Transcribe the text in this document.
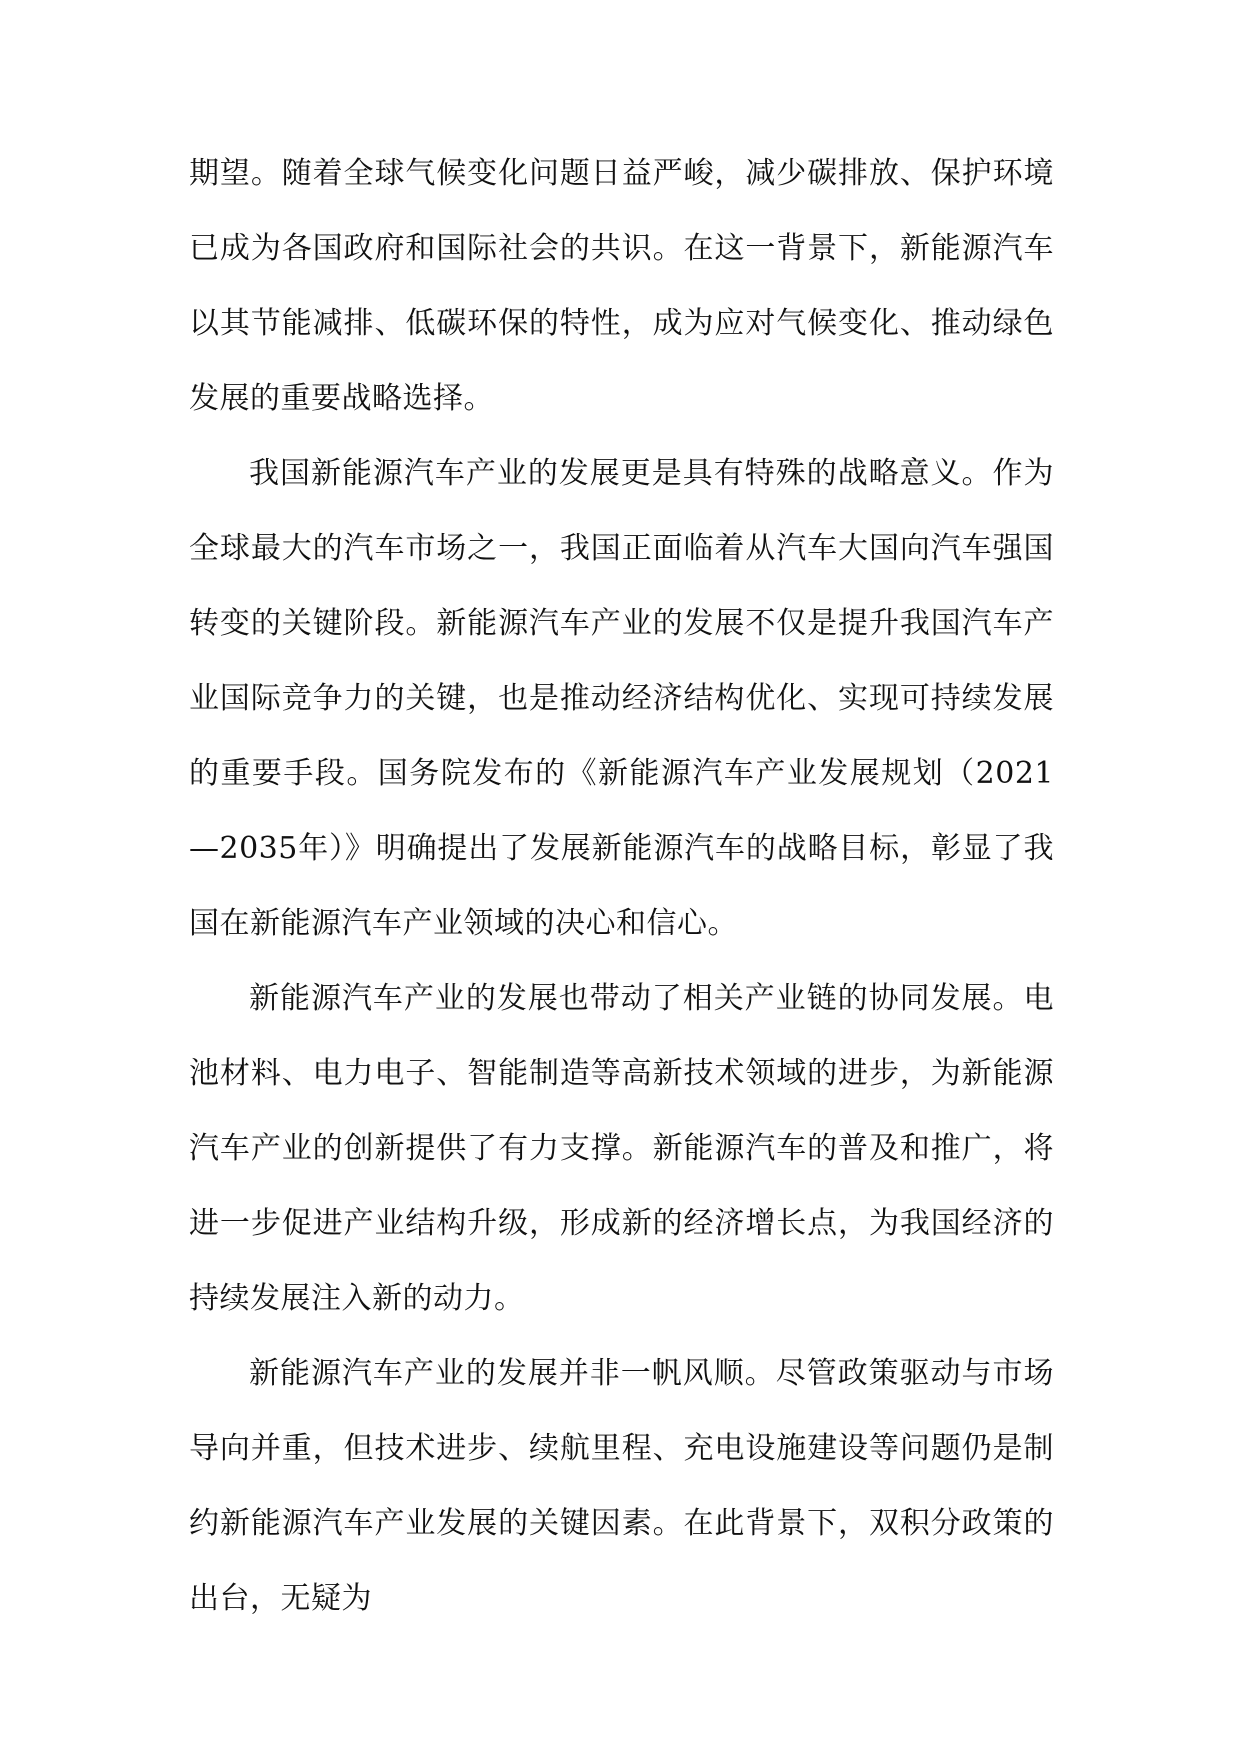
期望。随着全球气候变化问题日益严峻，减少碳排放、保护环境已成为各国政府和国际社会的共识。在这一背景下，新能源汽车以其节能减排、低碳环保的特性，成为应对气候变化、推动绿色发展的重要战略选择。

我国新能源汽车产业的发展更是具有特殊的战略意义。作为全球最大的汽车市场之一，我国正面临着从汽车大国向汽车强国转变的关键阶段。新能源汽车产业的发展不仅是提升我国汽车产业国际竞争力的关键，也是推动经济结构优化、实现可持续发展的重要手段。国务院发布的《新能源汽车产业发展规划（2021—2035年）》明确提出了发展新能源汽车的战略目标，彰显了我国在新能源汽车产业领域的决心和信心。

新能源汽车产业的发展也带动了相关产业链的协同发展。电池材料、电力电子、智能制造等高新技术领域的进步，为新能源汽车产业的创新提供了有力支撑。新能源汽车的普及和推广，将进一步促进产业结构升级，形成新的经济增长点，为我国经济的持续发展注入新的动力。

新能源汽车产业的发展并非一帆风顺。尽管政策驱动与市场导向并重，但技术进步、续航里程、充电设施建设等问题仍是制约新能源汽车产业发展的关键因素。在此背景下，双积分政策的出台，无疑为
